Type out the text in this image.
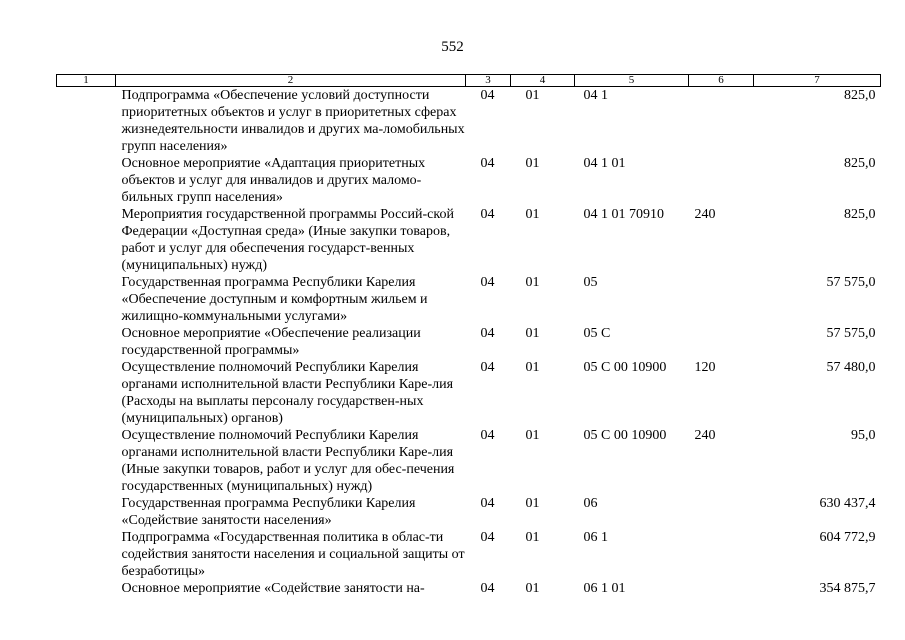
552
1	2	3	4	5	6	7
	Подпрограмма «Обеспечение условий доступности приоритетных объектов и услуг в приоритетных сферах жизнедеятельности инвалидов и других ма-ломобильных групп населения»	04	01	04 1		825,0
	Основное мероприятие «Адаптация приоритетных объектов и услуг для инвалидов и других маломо-бильных групп населения»	04	01	04 1 01		825,0
	Мероприятия государственной программы Россий-ской Федерации «Доступная среда» (Иные закупки товаров, работ и услуг для обеспечения государст-венных (муниципальных) нужд)	04	01	04 1 01 70910	240	825,0
	Государственная программа Республики Карелия «Обеспечение доступным и комфортным жильем и жилищно-коммунальными услугами»	04	01	05		57 575,0
	Основное мероприятие «Обеспечение реализации государственной программы»	04	01	05 С		57 575,0
	Осуществление полномочий Республики Карелия органами исполнительной власти Республики Каре-лия (Расходы на выплаты персоналу государствен-ных (муниципальных) органов)	04	01	05 С 00 10900	120	57 480,0
	Осуществление полномочий Республики Карелия органами исполнительной власти Республики Каре-лия (Иные закупки товаров, работ и услуг для обес-печения государственных (муниципальных) нужд)	04	01	05 С 00 10900	240	95,0
	Государственная программа Республики Карелия «Содействие занятости населения»	04	01	06		630 437,4
	Подпрограмма «Государственная политика в облас-ти содействия занятости населения и социальной защиты от безработицы»	04	01	06 1		604 772,9
	Основное мероприятие «Содействие занятости на-	04	01	06 1 01		354 875,7
